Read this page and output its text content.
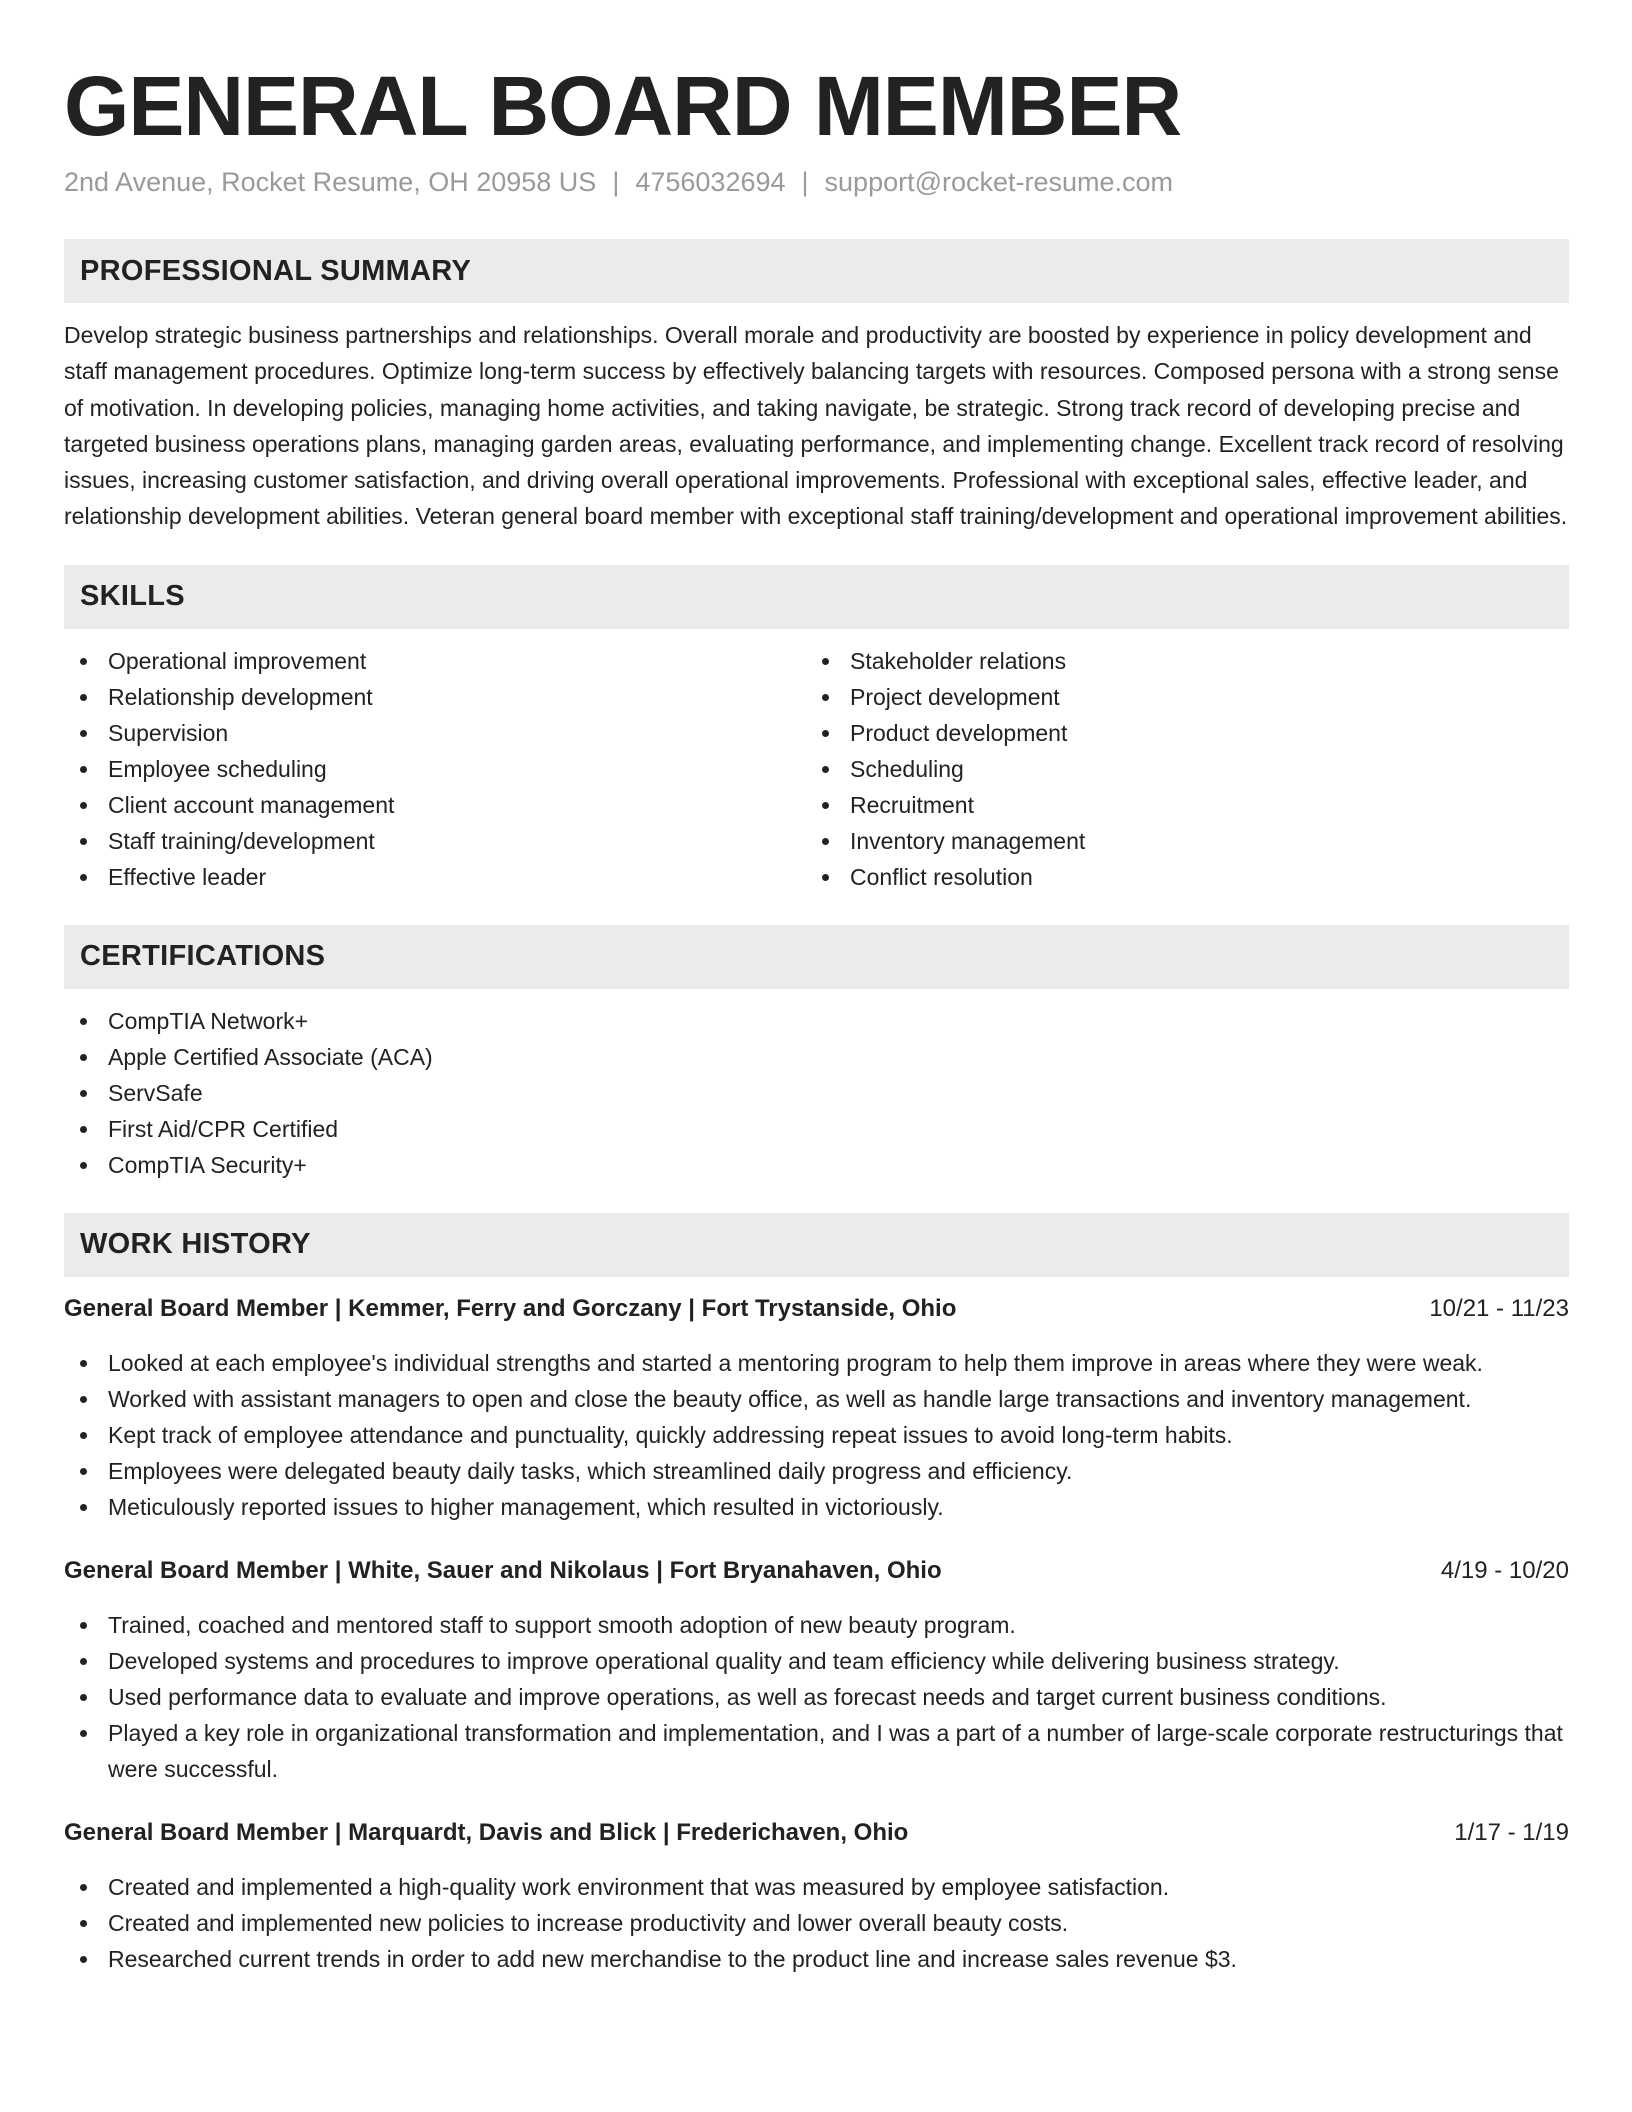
GENERAL BOARD MEMBER
2nd Avenue, Rocket Resume, OH 20958 US | 4756032694 | support@rocket-resume.com
PROFESSIONAL SUMMARY
Develop strategic business partnerships and relationships. Overall morale and productivity are boosted by experience in policy development and staff management procedures. Optimize long-term success by effectively balancing targets with resources. Composed persona with a strong sense of motivation. In developing policies, managing home activities, and taking navigate, be strategic. Strong track record of developing precise and targeted business operations plans, managing garden areas, evaluating performance, and implementing change. Excellent track record of resolving issues, increasing customer satisfaction, and driving overall operational improvements. Professional with exceptional sales, effective leader, and relationship development abilities. Veteran general board member with exceptional staff training/development and operational improvement abilities.
SKILLS
Operational improvement
Relationship development
Supervision
Employee scheduling
Client account management
Staff training/development
Effective leader
Stakeholder relations
Project development
Product development
Scheduling
Recruitment
Inventory management
Conflict resolution
CERTIFICATIONS
CompTIA Network+
Apple Certified Associate (ACA)
ServSafe
First Aid/CPR Certified
CompTIA Security+
WORK HISTORY
General Board Member | Kemmer, Ferry and Gorczany | Fort Trystanside, Ohio	10/21 - 11/23
Looked at each employee's individual strengths and started a mentoring program to help them improve in areas where they were weak.
Worked with assistant managers to open and close the beauty office, as well as handle large transactions and inventory management.
Kept track of employee attendance and punctuality, quickly addressing repeat issues to avoid long-term habits.
Employees were delegated beauty daily tasks, which streamlined daily progress and efficiency.
Meticulously reported issues to higher management, which resulted in victoriously.
General Board Member | White, Sauer and Nikolaus | Fort Bryanahaven, Ohio	4/19 - 10/20
Trained, coached and mentored staff to support smooth adoption of new beauty program.
Developed systems and procedures to improve operational quality and team efficiency while delivering business strategy.
Used performance data to evaluate and improve operations, as well as forecast needs and target current business conditions.
Played a key role in organizational transformation and implementation, and I was a part of a number of large-scale corporate restructurings that were successful.
General Board Member | Marquardt, Davis and Blick | Frederichaven, Ohio	1/17 - 1/19
Created and implemented a high-quality work environment that was measured by employee satisfaction.
Created and implemented new policies to increase productivity and lower overall beauty costs.
Researched current trends in order to add new merchandise to the product line and increase sales revenue $3.
